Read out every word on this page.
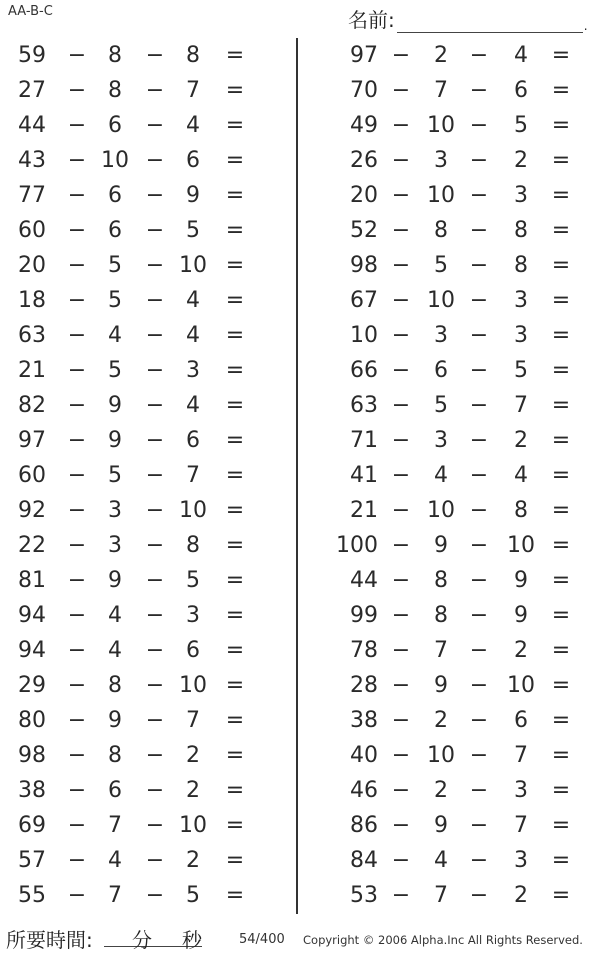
AA-B-C	名前:	.
59 − 8	− 8	=
27 − 8	− 7	=
44 − 6	− 4	=
43 − 10 − 6	=
77 − 6	− 9	=
60 − 6	− 5	=
20 − 5	− 10 =
18 − 5	− 4	=
63 − 4	− 4	=
21 − 5	− 3	=
82 − 9	− 4	=
97 − 9	− 6	=
60 − 5	− 7	=
92 − 3	− 10 =
22 − 3	− 8	=
81 − 9	− 5	=
94 − 4	− 3	=
94 − 4	− 6	=
29 − 8	− 10 =
80 − 9	− 7	=
98 − 8	− 2	=
38 − 6	− 2	=
69 − 7	− 10 =
57 − 4	− 2	=
55 − 7	− 5	=
97 −	2 −	4	=
70 −	7 −	6	=
49 − 10 −	5	=
26 −	3 −	2	=
20 − 10 −	3	=
52 −	8 −	8	=
98 −	5 −	8	=
67 − 10 −	3	=
10 −	3 −	3	=
66 −	6 −	5	=
63 −	5 −	7	=
71 −	3 −	2	=
41 −	4 −	4	=
21 − 10 −	8	=
100 −	9 − 10 =
44 −	8 −	9	=
99 −	8 −	9	=
78 −	7 −	2	=
28 −	9 − 10 =
38 −	2 −	6	=
40 − 10 −	7	=
46 −	2 −	3	=
86 −	9 −	7	=
84 −	4 −	3	=
53 −	7 −	2	=
所要時間: 分 秒	54/400 Copyright © 2006 Alpha.Inc All Rights Reserved.
